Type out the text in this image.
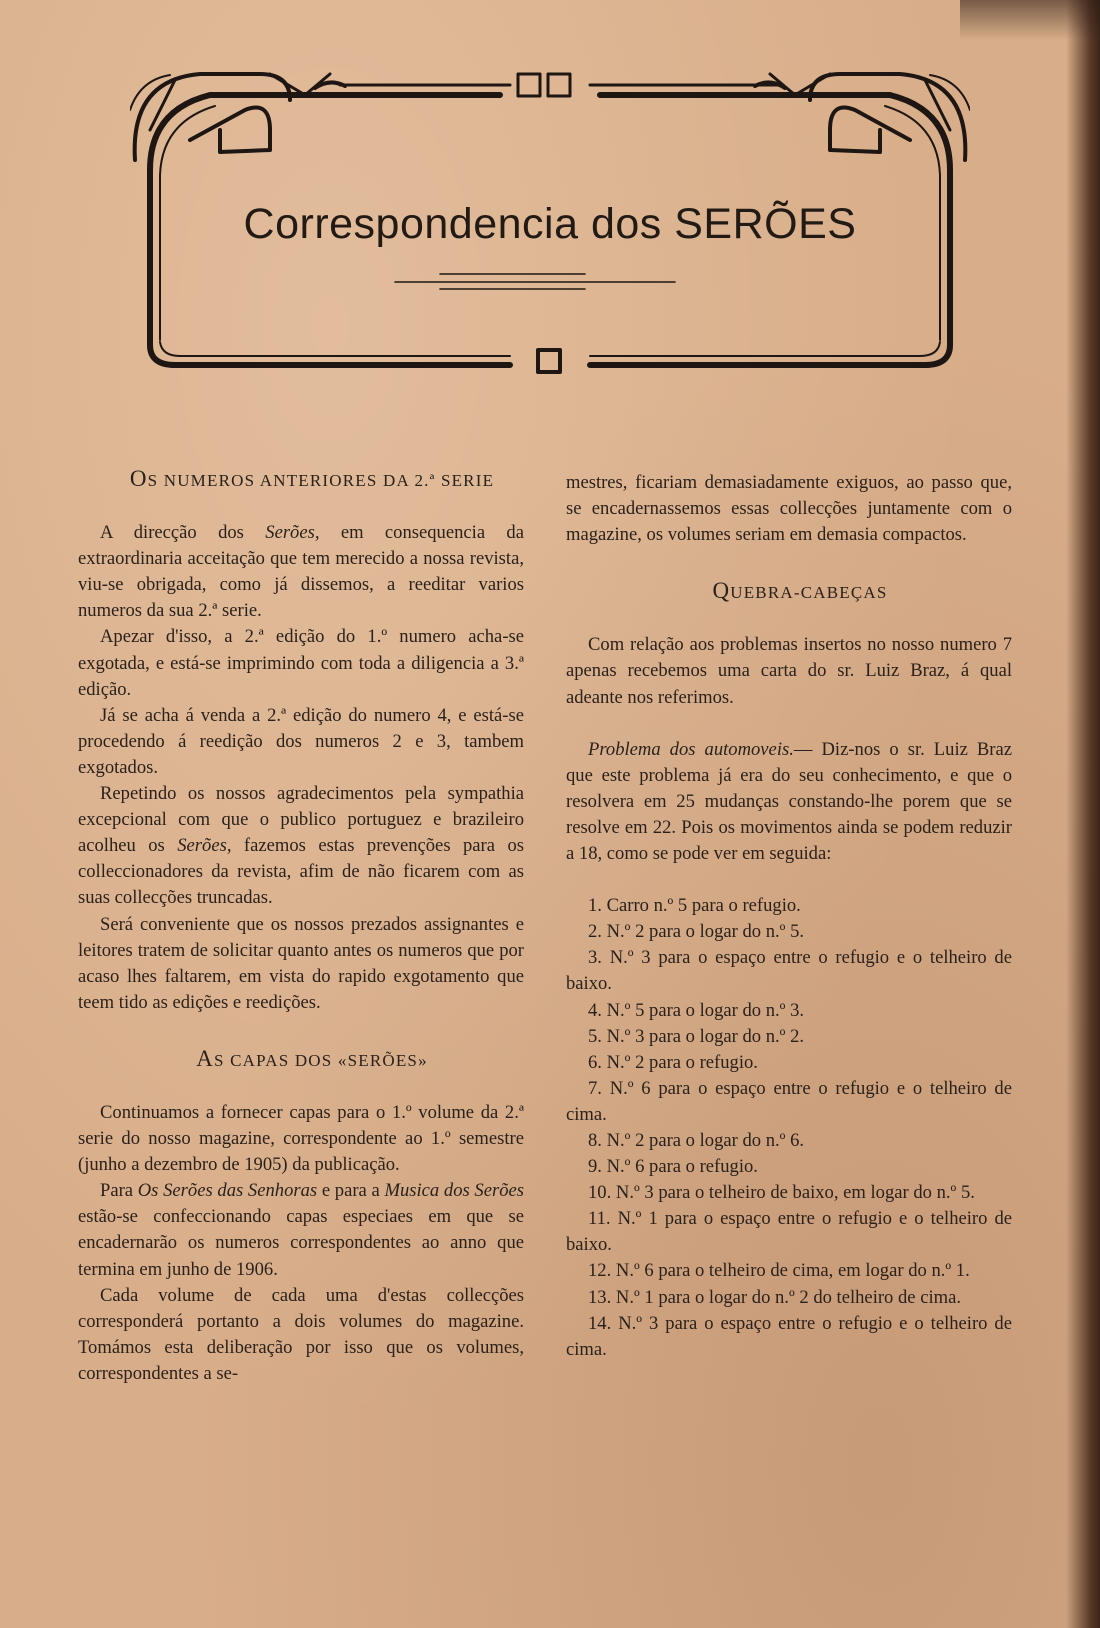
Correspondencia dos SERÕES

OS NUMEROS ANTERIORES DA 2.ª SERIE

A direcção dos Serões, em consequencia da extraordinaria acceitação que tem merecido a nossa revista, viu-se obrigada, como já dissemos, a reeditar varios numeros da sua 2.ª serie.

Apezar d'isso, a 2.ª edição do 1.º numero acha-se exgotada, e está-se imprimindo com toda a diligencia a 3.ª edição.

Já se acha á venda a 2.ª edição do numero 4, e está-se procedendo á reedição dos numeros 2 e 3, tambem exgotados.

Repetindo os nossos agradecimentos pela sympathia excepcional com que o publico portuguez e brazileiro acolheu os Serões, fazemos estas prevenções para os colleccionadores da revista, afim de não ficarem com as suas collecções truncadas.

Será conveniente que os nossos prezados assignantes e leitores tratem de solicitar quanto antes os numeros que por acaso lhes faltarem, em vista do rapido exgotamento que teem tido as edições e reedições.

AS CAPAS DOS «SERÕES»

Continuamos a fornecer capas para o 1.º volume da 2.ª serie do nosso magazine, correspondente ao 1.º semestre (junho a dezembro de 1905) da publicação.

Para Os Serões das Senhoras e para a Musica dos Serões estão-se confeccionando capas especiaes em que se encadernarão os numeros correspondentes ao anno que termina em junho de 1906.

Cada volume de cada uma d'estas collecções corresponderá portanto a dois volumes do magazine. Tomámos esta deliberação por isso que os volumes, correspondentes a se-

mestres, ficariam demasiadamente exiguos, ao passo que, se encadernassemos essas collecções juntamente com o magazine, os volumes seriam em demasia compactos.

QUEBRA-CABEÇAS

Com relação aos problemas insertos no nosso numero 7 apenas recebemos uma carta do sr. Luiz Braz, á qual adeante nos referimos.

Problema dos automoveis.— Diz-nos o sr. Luiz Braz que este problema já era do seu conhecimento, e que o resolvera em 25 mudanças constando-lhe porem que se resolve em 22. Pois os movimentos ainda se podem reduzir a 18, como se pode ver em seguida:

1. Carro n.º 5 para o refugio.

2. N.º 2 para o logar do n.º 5.

3. N.º 3 para o espaço entre o refugio e o telheiro de baixo.

4. N.º 5 para o logar do n.º 3.

5. N.º 3 para o logar do n.º 2.

6. N.º 2 para o refugio.

7. N.º 6 para o espaço entre o refugio e o telheiro de cima.

8. N.º 2 para o logar do n.º 6.

9. N.º 6 para o refugio.

10. N.º 3 para o telheiro de baixo, em logar do n.º 5.

11. N.º 1 para o espaço entre o refugio e o telheiro de baixo.

12. N.º 6 para o telheiro de cima, em logar do n.º 1.

13. N.º 1 para o logar do n.º 2 do telheiro de cima.

14. N.º 3 para o espaço entre o refugio e o telheiro de cima.
